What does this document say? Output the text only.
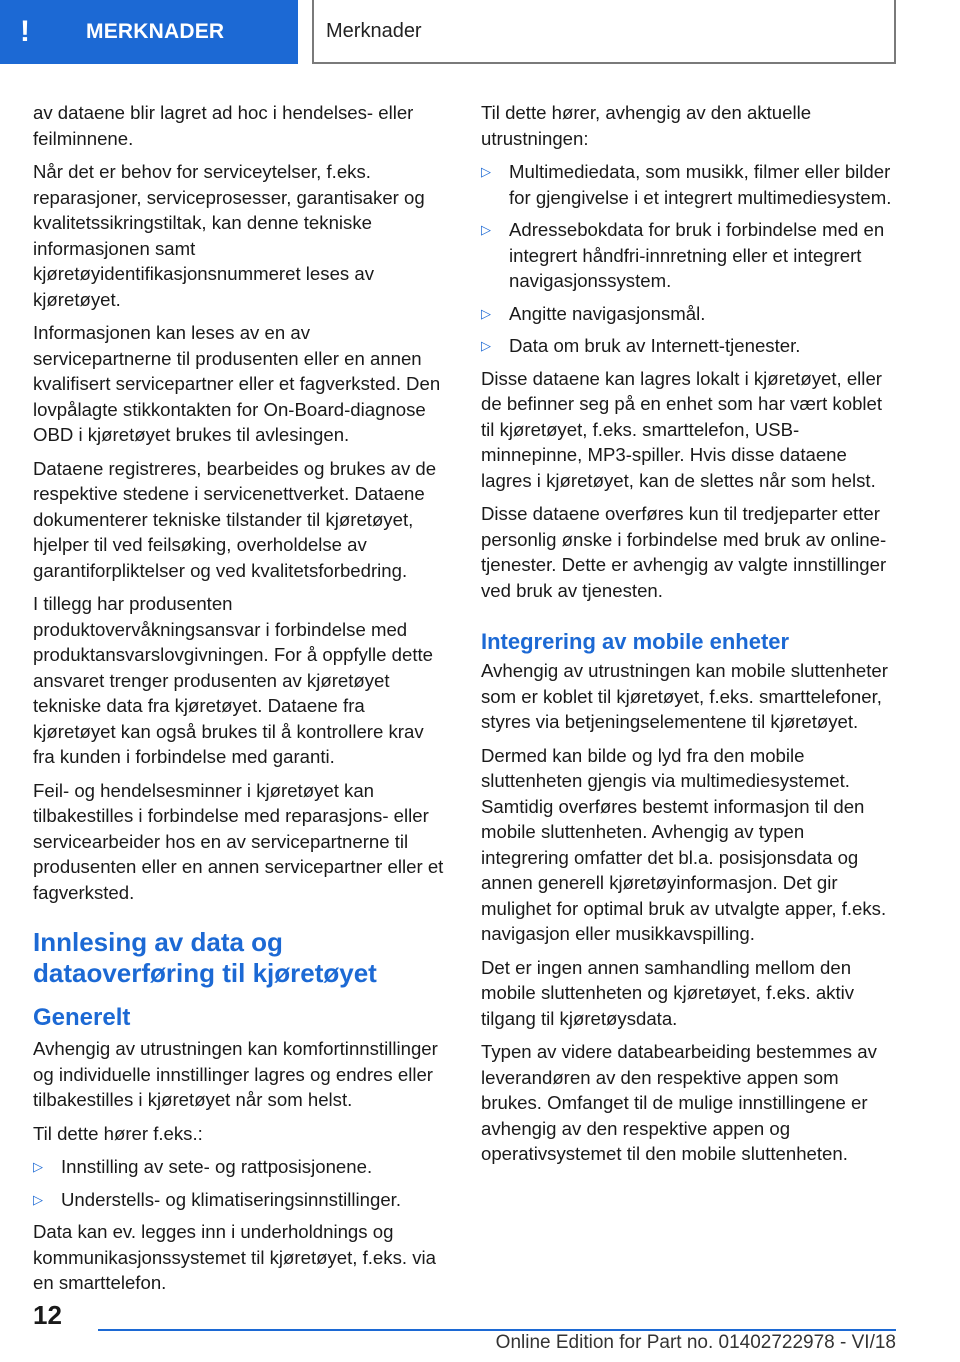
!	MERKNADER	Merknader

av dataene blir lagret ad hoc i hendelses- eller feilminnene.

Når det er behov for serviceytelser, f.eks. reparasjoner, serviceprosesser, garantisaker og kvalitetssikringstiltak, kan denne tekniske informasjonen samt kjøretøyidentifikasjonsnummeret leses av kjøretøyet.

Informasjonen kan leses av en av servicepartnerne til produsenten eller en annen kvalifisert servicepartner eller et fagverksted. Den lovpålagte stikkontakten for On-Board-diagnose OBD i kjøretøyet brukes til avlesingen.

Dataene registreres, bearbeides og brukes av de respektive stedene i servicenettverket. Dataene dokumenterer tekniske tilstander til kjøretøyet, hjelper til ved feilsøking, overholdelse av garantiforpliktelser og ved kvalitetsforbedring.

I tillegg har produsenten produktovervåkningsansvar i forbindelse med produktansvarslovgivningen. For å oppfylle dette ansvaret trenger produsenten av kjøretøyet tekniske data fra kjøretøyet. Dataene fra kjøretøyet kan også brukes til å kontrollere krav fra kunden i forbindelse med garanti.

Feil- og hendelsesminner i kjøretøyet kan tilbakestilles i forbindelse med reparasjons- eller servicearbeider hos en av servicepartnerne til produsenten eller en annen servicepartner eller et fagverksted.

Innlesing av data og dataoverføring til kjøretøyet
Generelt

Avhengig av utrustningen kan komfortinnstillinger og individuelle innstillinger lagres og endres eller tilbakestilles i kjøretøyet når som helst.

Til dette hører f.eks.:

▷ Innstilling av sete- og rattposisjonene.
▷ Understells- og klimatiseringsinnstillinger.

Data kan ev. legges inn i underholdnings og kommunikasjonssystemet til kjøretøyet, f.eks. via en smarttelefon.

Til dette hører, avhengig av den aktuelle utrustningen:

▷ Multimediedata, som musikk, filmer eller bilder for gjengivelse i et integrert multimediesystem.
▷ Adressebokdata for bruk i forbindelse med en integrert håndfri-innretning eller et integrert navigasjonssystem.
▷ Angitte navigasjonsmål.
▷ Data om bruk av Internett-tjenester.

Disse dataene kan lagres lokalt i kjøretøyet, eller de befinner seg på en enhet som har vært koblet til kjøretøyet, f.eks. smarttelefon, USB-minnepinne, MP3-spiller. Hvis disse dataene lagres i kjøretøyet, kan de slettes når som helst.

Disse dataene overføres kun til tredjeparter etter personlig ønske i forbindelse med bruk av online-tjenester. Dette er avhengig av valgte innstillinger ved bruk av tjenesten.

Integrering av mobile enheter

Avhengig av utrustningen kan mobile sluttenheter som er koblet til kjøretøyet, f.eks. smarttelefoner, styres via betjeningselementene til kjøretøyet.

Dermed kan bilde og lyd fra den mobile sluttenheten gjengis via multimediesystemet. Samtidig overføres bestemt informasjon til den mobile sluttenheten. Avhengig av typen integrering omfatter det bl.a. posisjonsdata og annen generell kjøretøyinformasjon. Det gir mulighet for optimal bruk av utvalgte apper, f.eks. navigasjon eller musikkavspilling.

Det er ingen annen samhandling mellom den mobile sluttenheten og kjøretøyet, f.eks. aktiv tilgang til kjøretøysdata.

Typen av videre databearbeiding bestemmes av leverandøren av den respektive appen som brukes. Omfanget til de mulige innstillingene er avhengig av den respektive appen og operativsystemet til den mobile sluttenheten.

12
Online Edition for Part no. 01402722978 - VI/18
